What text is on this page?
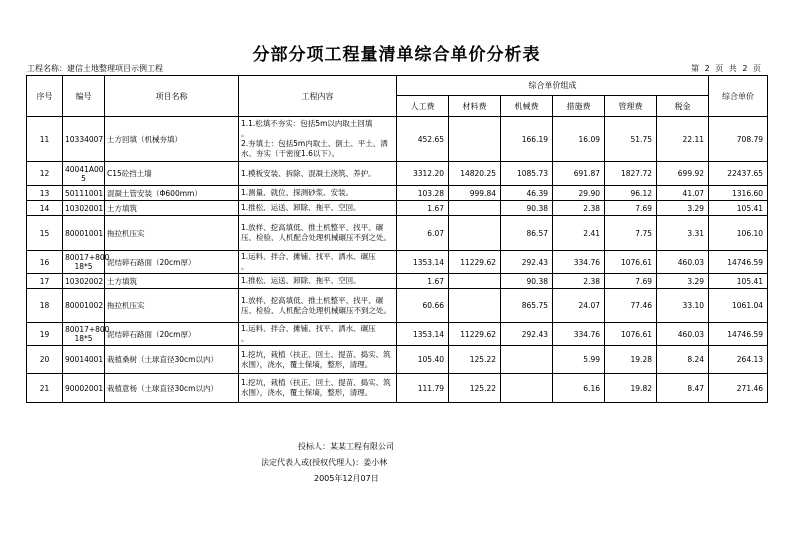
分部分项工程量清单综合单价分析表
工程名称：建信土地整理项目示例工程	第 2 页 共 2 页
序号	编号	项目名称	工程内容	综合单价组成						综合单价
				人工费	材料费	机械费	措施费	管理费	税金	
11	10334007	土方回填（机械夯填）	1.1.松填不夯实：包括5m以内取土回填
。
2.夯填土：包括5m内取土、倒土、平土、洒水、夯实（干密度1.6以下）。	452.65		166.19	16.09	51.75	22.11	708.79
12	40041A00
5	C15砼挡土墙	1.模板安装、拆除、混凝土浇筑、养护。	3312.20	14820.25	1085.73	691.87	1827.72	699.92	22437.65
13	50111001	混凝土管安装（Φ600mm）	1.测量、就位、探测砂浆、安装。	103.28	999.84	46.39	29.90	96.12	41.07	1316.60
14	10302001	土方填筑	1.推松、运送、卸除、拖平、空回。	1.67		90.38	2.38	7.69	3.29	105.41
15	80001001	拖拉机压实	1.放样、挖高填低、推土机整平、找平、碾压、检验、人机配合处理机械碾压不到之处。	6.07		86.57	2.41	7.75	3.31	106.10
16	80017+800
18*5	泥结碎石路面（20cm厚）	1.运料、拌合、摊铺、找平、洒水、碾压
。	1353.14	11229.62	292.43	334.76	1076.61	460.03	14746.59
17	10302002	土方填筑	1.推松、运送、卸除、拖平、空回。	1.67		90.38	2.38	7.69	3.29	105.41
18	80001002	拖拉机压实	1.放样、挖高填低、推土机整平、找平、碾压、检验、人机配合处理机械碾压不到之处。	60.66		865.75	24.07	77.46	33.10	1061.04
19	80017+800
18*5	泥结碎石路面（20cm厚）	1.运料、拌合、摊铺、找平、洒水、碾压
。	1353.14	11229.62	292.43	334.76	1076.61	460.03	14746.59
20	90014001	栽植桑树（土球直径30cm以内）	1.挖坑，栽植（扶正、回土、提苗、捣实、筑水围），浇水，覆土保墒，整形，清理。	105.40	125.22		5.99	19.28	8.24	264.13
21	90002001	栽植意杨（土球直径30cm以内）	1.挖坑，栽植（扶正、回土、提苗、捣实、筑水围），浇水，覆土保墒，整形，清理。	111.79	125.22		6.16	19.82	8.47	271.46
投标人：某某工程有限公司
法定代表人或(授权代理人)：姜小林
2005年12月07日
